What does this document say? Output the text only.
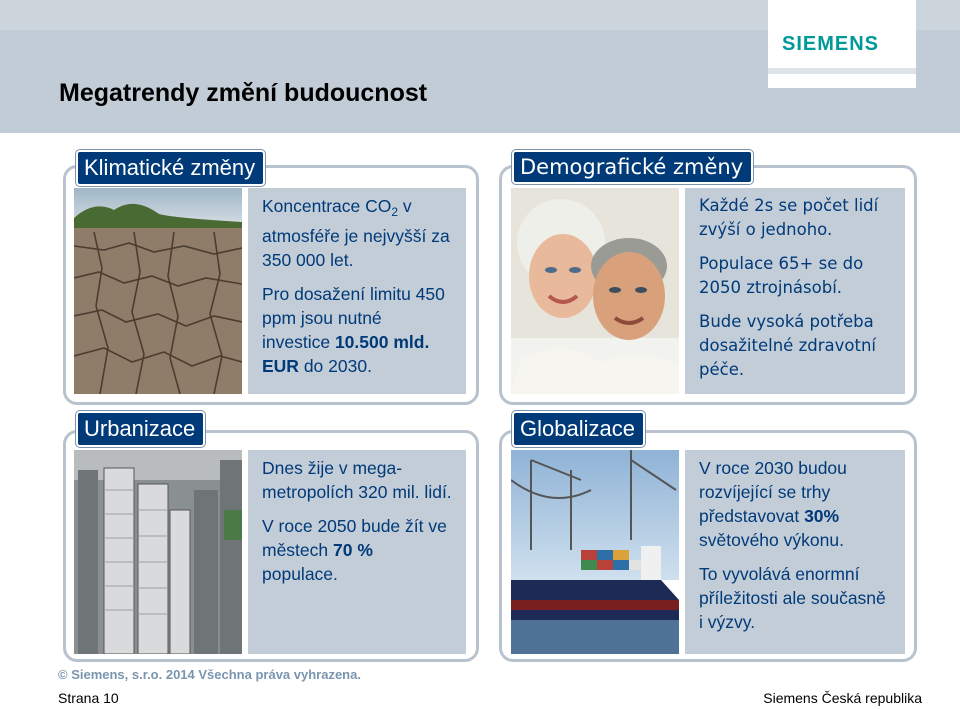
SIEMENS
Megatrendy změní budoucnost

Koncentrace $CO_2$ v atmosféře je nejvyšší za 350 000 let.

Pro dosažení limitu 450 ppm jsou nutné investice 10.500 mld. EUR do 2030.

Klimatické změny

Každé 2s se počet lidí zvýší o jednoho.

Populace 65+ se do 2050 ztrojnásobí.

Bude vysoká potřeba dosažitelné zdravotní péče.

Demografické změny

Dnes žije v mega-metropolích 320 mil. lidí.

V roce 2050 bude žít ve městech 70 % populace.

Urbanizace

V roce 2030 budou rozvíjející se trhy představovat 30% světového výkonu.

To vyvolává enormní příležitosti ale současně i výzvy.

Globalizace
© Siemens, s.r.o. 2014 Všechna práva vyhrazena.
Strana 10	Siemens Česká republika
